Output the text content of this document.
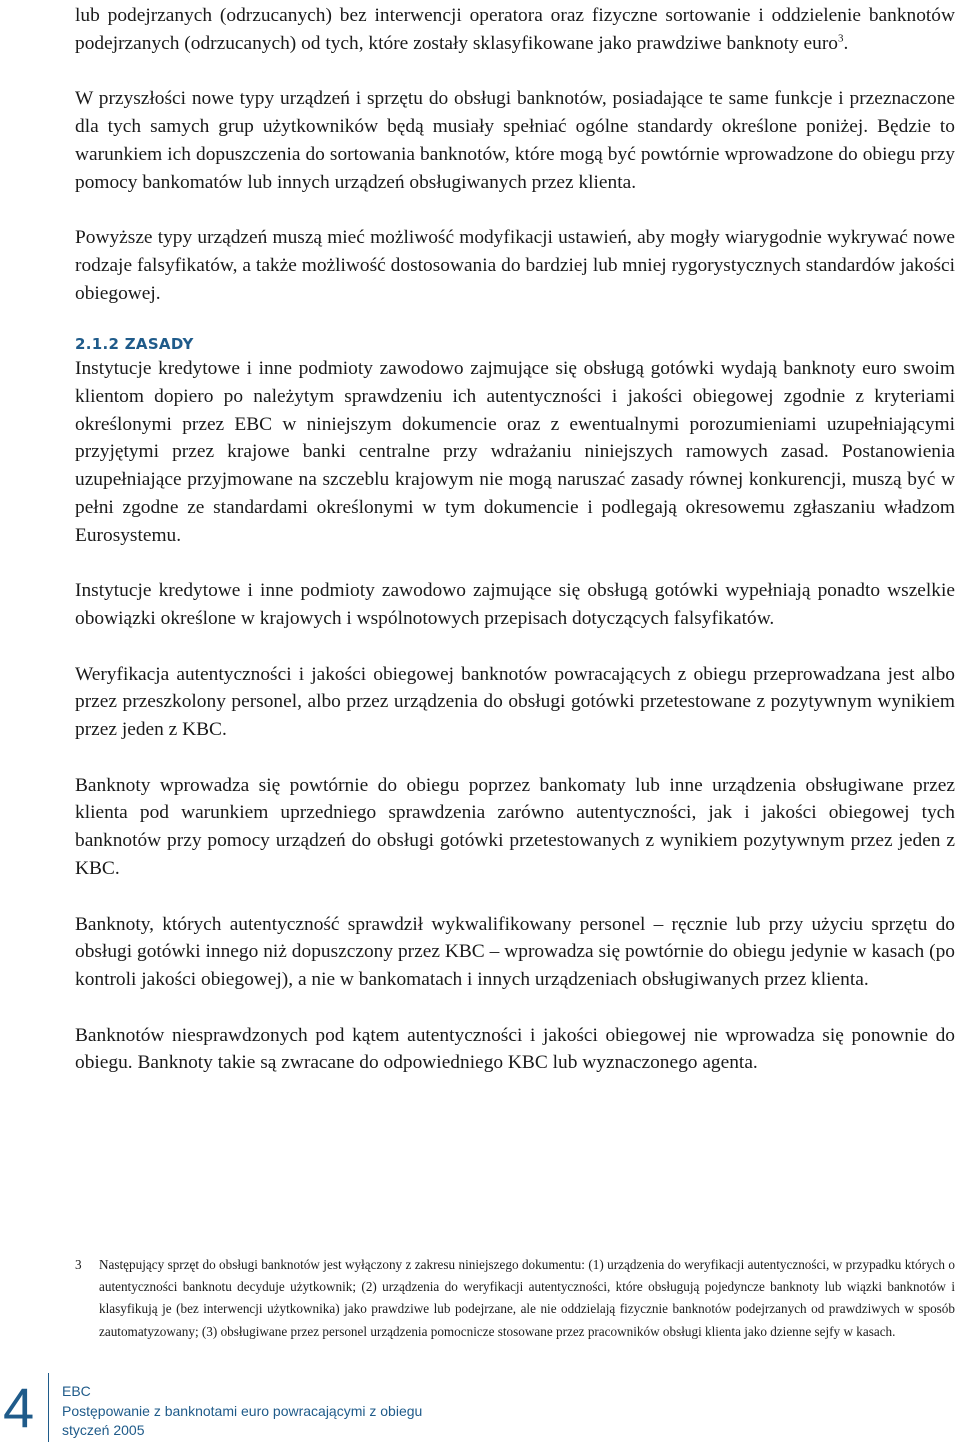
lub podejrzanych (odrzucanych) bez interwencji operatora oraz fizyczne sortowanie i oddzielenie banknotów podejrzanych (odrzucanych) od tych, które zostały sklasyfikowane jako prawdziwe banknoty euro$^3$.

W przyszłości nowe typy urządzeń i sprzętu do obsługi banknotów, posiadające te same funkcje i przeznaczone dla tych samych grup użytkowników będą musiały spełniać ogólne standardy określone poniżej. Będzie to warunkiem ich dopuszczenia do sortowania banknotów, które mogą być powtórnie wprowadzone do obiegu przy pomocy bankomatów lub innych urządzeń obsługiwanych przez klienta.

Powyższe typy urządzeń muszą mieć możliwość modyfikacji ustawień, aby mogły wiarygodnie wykrywać nowe rodzaje falsyfikatów, a także możliwość dostosowania do bardziej lub mniej rygorystycznych standardów jakości obiegowej.

2.1.2 ZASADY

Instytucje kredytowe i inne podmioty zawodowo zajmujące się obsługą gotówki wydają banknoty euro swoim klientom dopiero po należytym sprawdzeniu ich autentyczności i jakości obiegowej zgodnie z kryteriami określonymi przez EBC w niniejszym dokumencie oraz z ewentualnymi porozumieniami uzupełniającymi przyjętymi przez krajowe banki centralne przy wdrażaniu niniejszych ramowych zasad. Postanowienia uzupełniające przyjmowane na szczeblu krajowym nie mogą naruszać zasady równej konkurencji, muszą być w pełni zgodne ze standardami określonymi w tym dokumencie i podlegają okresowemu zgłaszaniu władzom Eurosystemu.

Instytucje kredytowe i inne podmioty zawodowo zajmujące się obsługą gotówki wypełniają ponadto wszelkie obowiązki określone w krajowych i wspólnotowych przepisach dotyczących falsyfikatów.

Weryfikacja autentyczności i jakości obiegowej banknotów powracających z obiegu przeprowadzana jest albo przez przeszkolony personel, albo przez urządzenia do obsługi gotówki przetestowane z pozytywnym wynikiem przez jeden z KBC.

Banknoty wprowadza się powtórnie do obiegu poprzez bankomaty lub inne urządzenia obsługiwane przez klienta pod warunkiem uprzedniego sprawdzenia zarówno autentyczności, jak i jakości obiegowej tych banknotów przy pomocy urządzeń do obsługi gotówki przetestowanych z wynikiem pozytywnym przez jeden z KBC.

Banknoty, których autentyczność sprawdził wykwalifikowany personel – ręcznie lub przy użyciu sprzętu do obsługi gotówki innego niż dopuszczony przez KBC – wprowadza się powtórnie do obiegu jedynie w kasach (po kontroli jakości obiegowej), a nie w bankomatach i innych urządzeniach obsługiwanych przez klienta.

Banknotów niesprawdzonych pod kątem autentyczności i jakości obiegowej nie wprowadza się ponownie do obiegu. Banknoty takie są zwracane do odpowiedniego KBC lub wyznaczonego agenta.

3 Następujący sprzęt do obsługi banknotów jest wyłączony z zakresu niniejszego dokumentu: (1) urządzenia do weryfikacji autentyczności, w przypadku których o autentyczności banknotu decyduje użytkownik; (2) urządzenia do weryfikacji autentyczności, które obsługują pojedyncze banknoty lub wiązki banknotów i klasyfikują je (bez interwencji użytkownika) jako prawdziwe lub podejrzane, ale nie oddzielają fizycznie banknotów podejrzanych od prawdziwych w sposób zautomatyzowany; (3) obsługiwane przez personel urządzenia pomocnicze stosowane przez pracowników obsługi klienta jako dzienne sejfy w kasach.
4 EBC
Postępowanie z banknotami euro powracającymi z obiegu
styczeń 2005
